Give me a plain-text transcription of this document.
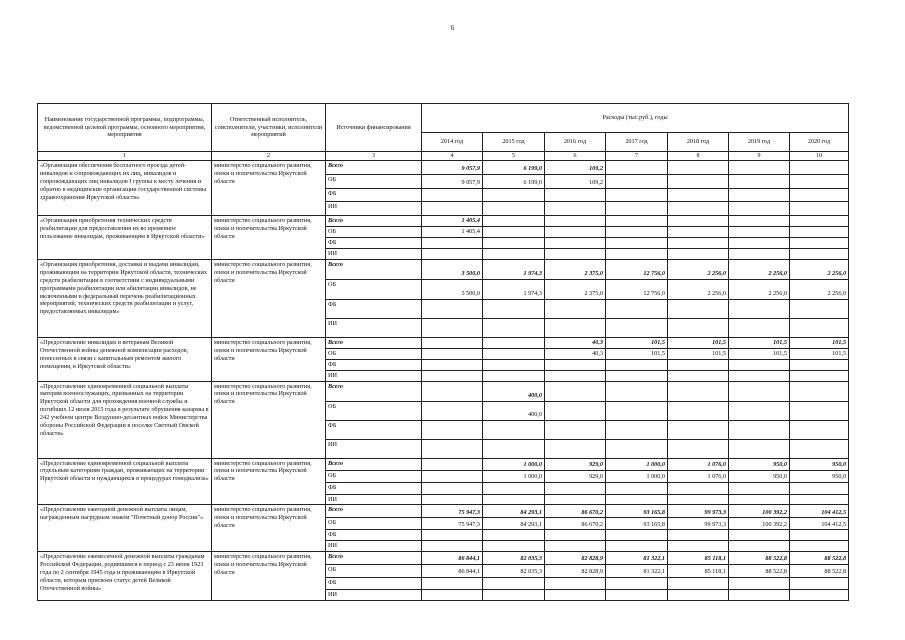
6
Наименование государственной программы, подпрограммы, ведомственной целевой программы, основного мероприятия, мероприятия	Ответственный исполнитель, соисполнители, участники, исполнители мероприятий	Источники финансирования	Расходы (тыс.руб.), годы						
			2014 год	2015 год	2016 год	2017 год	2018 год	2019 год	2020 год
1	2	3	4	5	6	7	8	9	10
«Организация обеспечения бесплатного проезда детей-инвалидов и сопровождающих их лиц, инвалидов и сопровождающих лиц инвалидов I группы к месту лечения и обратно в медицинские организации государственной системы здравоохранения Иркутской области»	министерство социального развития, опеки и попечительства Иркутской области	Всего	9 057,9	6 199,0	109,2				
		ОБ	9 057,9	6 199,0	109,2				
		ФБ							
		ИИ							
«Организация приобретения технических средств реабилитации для предоставления их во временное пользование инвалидам, проживающим в Иркутской области»	министерство социального развития, опеки и попечительства Иркутской области	Всего	1 405,4						
		ОБ	1 405,4						
		ФБ							
		ИИ							
«Организация приобретения, доставки и выдачи инвалидам, проживающим на территории Иркутской области, технических средств реабилитации в соответствии с индивидуальными программами реабилитации или абилитации инвалидов, не включенными в федеральный перечень реабилитационных мероприятий, технических средств реабилитации и услуг, предоставляемых инвалидам»	министерство социального развития, опеки и попечительства Иркутской области	Всего	3 500,0	1 974,3	2 375,0	12 756,0	2 256,0	2 256,0	2 256,0
		ОБ	3 500,0	1 974,3	2 375,0	12 756,0	2 256,0	2 256,0	2 256,0
		ФБ							
		ИИ							
«Предоставление инвалидам и ветеранам Великой Отечественной войны денежной компенсации расходов, понесенных в связи с капитальным ремонтом жилого помещения, в Иркутской области»	министерство социального развития, опеки и попечительства Иркутской области	Всего			40,3	101,5	101,5	101,5	101,5
		ОБ			40,3	101,5	101,5	101,5	101,5
		ФБ							
		ИИ							
«Предоставление единовременной социальной выплаты матерям военнослужащих, призванных на территории Иркутской области для прохождения военной службы и погибших 12 июля 2015 года в результате обрушения казармы в 242 учебном центре Воздушно-десантных войск Министерства обороны Российской Федерации в поселке Светлый Омской области»	министерство социального развития, опеки и попечительства Иркутской области	Всего		400,0					
		ОБ		400,0					
		ФБ							
		ИИ							
«Предоставление единовременной социальной выплаты отдельным категориям граждан, проживающих на территории Иркутской области и нуждающихся в процедурах гемодиализа»	министерство социального развития, опеки и попечительства Иркутской области	Всего		1 000,0	929,0	1 000,0	1 076,0	950,0	950,0
		ОБ		1 000,0	929,0	1 000,0	1 076,0	950,0	950,0
		ФБ							
		ИИ							
«Предоставление ежегодной денежной выплаты лицам, награжденным нагрудным знаком "Почетный донор России"»	министерство социального развития, опеки и попечительства Иркутской области	Всего	75 947,3	84 293,1	86 670,2	93 165,8	99 973,3	100 392,2	104 412,5
		ОБ	75 947,3	84 293,1	86 670,2	93 165,8	99 973,3	100 392,2	104 412,5
		ФБ							
		ИИ							
«Предоставление ежемесячной денежной выплаты гражданам Российской Федерации, родившимся в период с 23 июня 1923 года по 2 сентября 1945 года и проживающим в Иркутской области, которым присвоен статус детей Великой Отечественной войны»	министерство социального развития, опеки и попечительства Иркутской области	Всего	86 844,1	82 035,3	82 828,9	81 322,1	85 118,1	88 522,8	88 522,8
		ОБ	86 844,1	82 035,3	82 828,9	81 322,1	85 118,1	88 522,8	88 522,8
		ФБ							
		ИИ							
